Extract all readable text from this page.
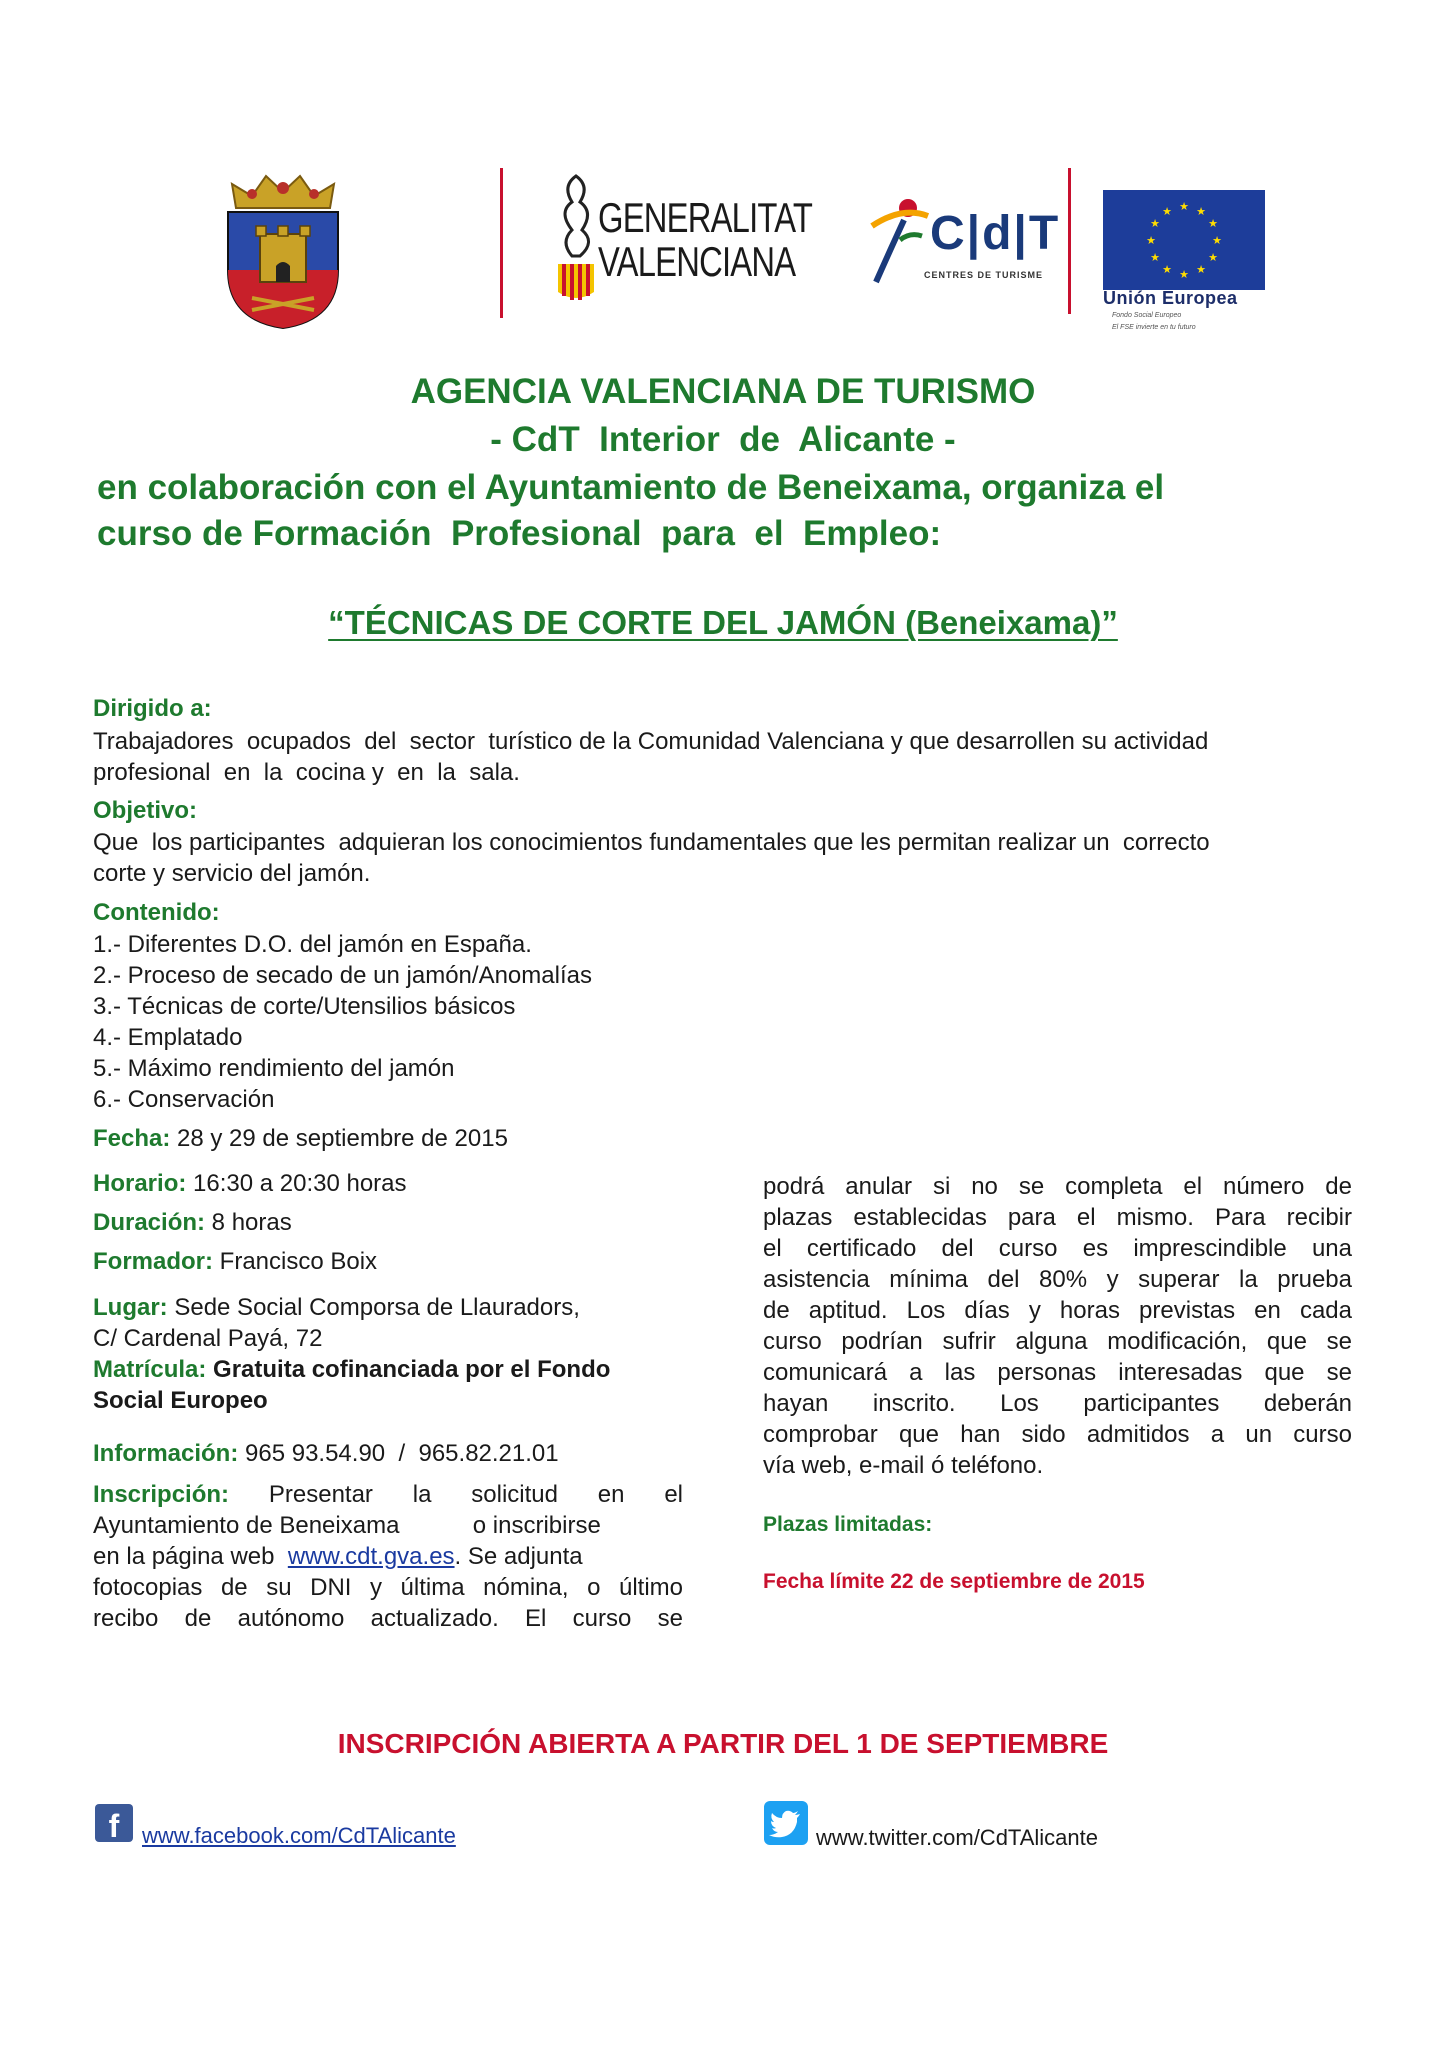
GENERALITAT
VALENCIANA
C|d|T
CENTRES DE TURISME
★ ★
★
★
★
★
★
★
★
★
★
★
Unión Europea
Fondo Social Europeo
El FSE invierte en tu futuro
AGENCIA VALENCIANA DE TURISMO
- CdT  Interior  de  Alicante -
en colaboración con el Ayuntamiento de Beneixama, organiza el
curso de Formación  Profesional  para  el  Empleo:
“TÉCNICAS DE CORTE DEL JAMÓN (Beneixama)”
Dirigido a:
Trabajadores  ocupados  del  sector  turístico de la Comunidad Valenciana y que desarrollen su actividad
profesional  en  la  cocina y  en  la  sala.
Objetivo:
Que  los participantes  adquieran los conocimientos fundamentales que les permitan realizar un  correcto
corte y servicio del jamón.
Contenido:
1.- Diferentes D.O. del jamón en España.
2.- Proceso de secado de un jamón/Anomalías
3.- Técnicas de corte/Utensilios básicos
4.- Emplatado
5.- Máximo rendimiento del jamón
6.- Conservación
Fecha: 28 y 29 de septiembre de 2015
Horario: 16:30 a 20:30 horas
Duración: 8 horas
Formador: Francisco Boix
Lugar: Sede Social Comporsa de Llauradors,
C/ Cardenal Payá, 72
Matrícula: Gratuita cofinanciada por el Fondo
Social Europeo
Información: 965 93.54.90  /  965.82.21.01
Inscripción: Presentar la solicitud en el
Ayuntamiento de Beneixama           o inscribirse
en la página web  www.cdt.gva.es. Se adjunta
fotocopias de su DNI y última nómina, o último
recibo de autónomo actualizado. El curso se
podrá anular si no se completa el número de
plazas establecidas para el mismo. Para recibir
el certificado del curso es imprescindible una
asistencia mínima del 80% y superar la prueba
de aptitud. Los días y horas previstas en cada
curso podrían sufrir alguna modificación, que se
comunicará a las personas interesadas que se
hayan inscrito. Los participantes deberán
comprobar que han sido admitidos a un curso
vía web, e-mail ó teléfono.
Plazas limitadas:
Fecha límite 22 de septiembre de 2015
INSCRIPCIÓN ABIERTA A PARTIR DEL 1 DE SEPTIEMBRE
f	www.facebook.com/CdTAlicante	www.twitter.com/CdTAlicante
